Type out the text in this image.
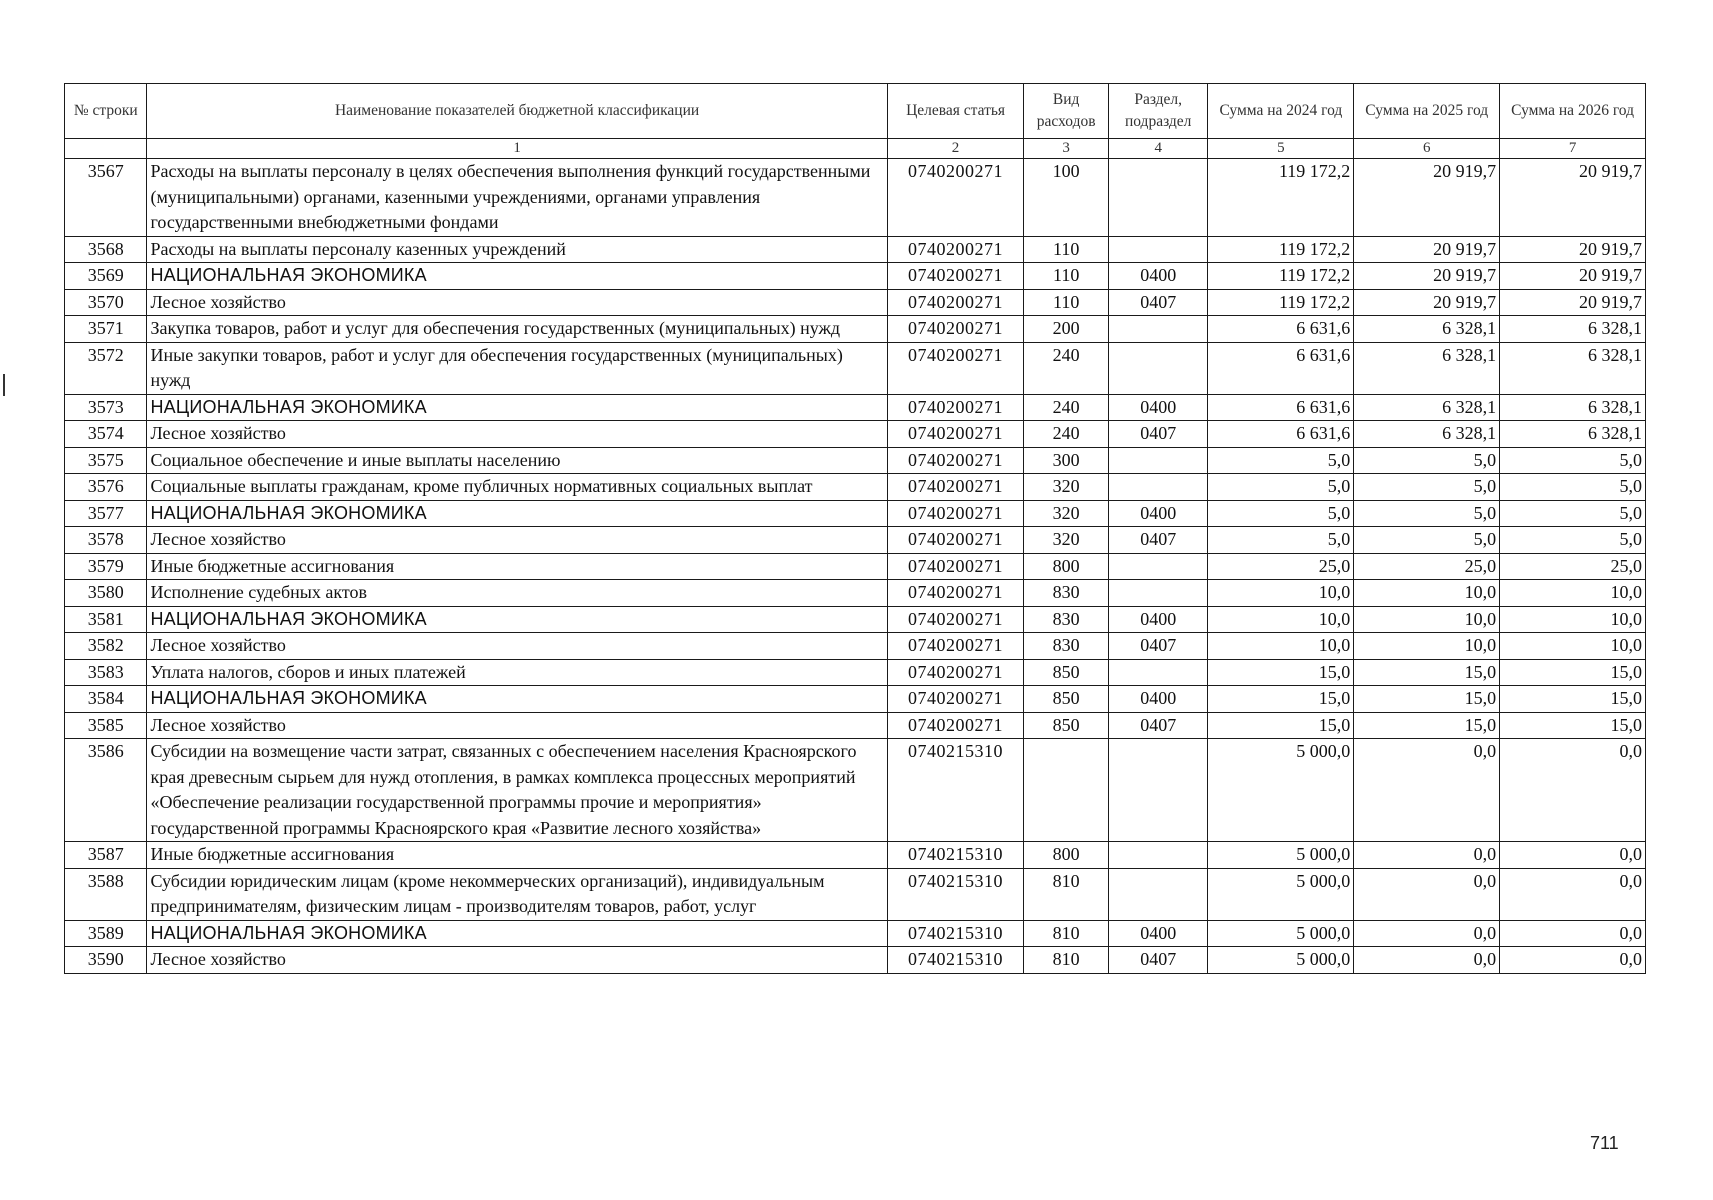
№ строки	Наименование показателей бюджетной классификации	Целевая статья	Вид расходов	Раздел, подраздел	Сумма на 2024 год	Сумма на 2025 год	Сумма на 2026 год
	1	2	3	4	5	6	7
3567	Расходы на выплаты персоналу в целях обеспечения выполнения функций государственными (муниципальными) органами, казенными учреждениями, органами управления государственными внебюджетными фондами	0740200271	100		119 172,2	20 919,7	20 919,7
3568	Расходы на выплаты персоналу казенных учреждений	0740200271	110		119 172,2	20 919,7	20 919,7
3569	НАЦИОНАЛЬНАЯ ЭКОНОМИКА	0740200271	110	0400	119 172,2	20 919,7	20 919,7
3570	Лесное хозяйство	0740200271	110	0407	119 172,2	20 919,7	20 919,7
3571	Закупка товаров, работ и услуг для обеспечения государственных (муниципальных) нужд	0740200271	200		6 631,6	6 328,1	6 328,1
3572	Иные закупки товаров, работ и услуг для обеспечения государственных (муниципальных) нужд	0740200271	240		6 631,6	6 328,1	6 328,1
3573	НАЦИОНАЛЬНАЯ ЭКОНОМИКА	0740200271	240	0400	6 631,6	6 328,1	6 328,1
3574	Лесное хозяйство	0740200271	240	0407	6 631,6	6 328,1	6 328,1
3575	Социальное обеспечение и иные выплаты населению	0740200271	300		5,0	5,0	5,0
3576	Социальные выплаты гражданам, кроме публичных нормативных социальных выплат	0740200271	320		5,0	5,0	5,0
3577	НАЦИОНАЛЬНАЯ ЭКОНОМИКА	0740200271	320	0400	5,0	5,0	5,0
3578	Лесное хозяйство	0740200271	320	0407	5,0	5,0	5,0
3579	Иные бюджетные ассигнования	0740200271	800		25,0	25,0	25,0
3580	Исполнение судебных актов	0740200271	830		10,0	10,0	10,0
3581	НАЦИОНАЛЬНАЯ ЭКОНОМИКА	0740200271	830	0400	10,0	10,0	10,0
3582	Лесное хозяйство	0740200271	830	0407	10,0	10,0	10,0
3583	Уплата налогов, сборов и иных платежей	0740200271	850		15,0	15,0	15,0
3584	НАЦИОНАЛЬНАЯ ЭКОНОМИКА	0740200271	850	0400	15,0	15,0	15,0
3585	Лесное хозяйство	0740200271	850	0407	15,0	15,0	15,0
3586	Субсидии на возмещение части затрат, связанных с обеспечением населения Красноярского края древесным сырьем для нужд отопления, в рамках комплекса процессных мероприятий «Обеспечение реализации государственной программы прочие и мероприятия» государственной программы Красноярского края «Развитие лесного хозяйства»	0740215310			5 000,0	0,0	0,0
3587	Иные бюджетные ассигнования	0740215310	800		5 000,0	0,0	0,0
3588	Субсидии юридическим лицам (кроме некоммерческих организаций), индивидуальным предпринимателям, физическим лицам - производителям товаров, работ, услуг	0740215310	810		5 000,0	0,0	0,0
3589	НАЦИОНАЛЬНАЯ ЭКОНОМИКА	0740215310	810	0400	5 000,0	0,0	0,0
3590	Лесное хозяйство	0740215310	810	0407	5 000,0	0,0	0,0
711
